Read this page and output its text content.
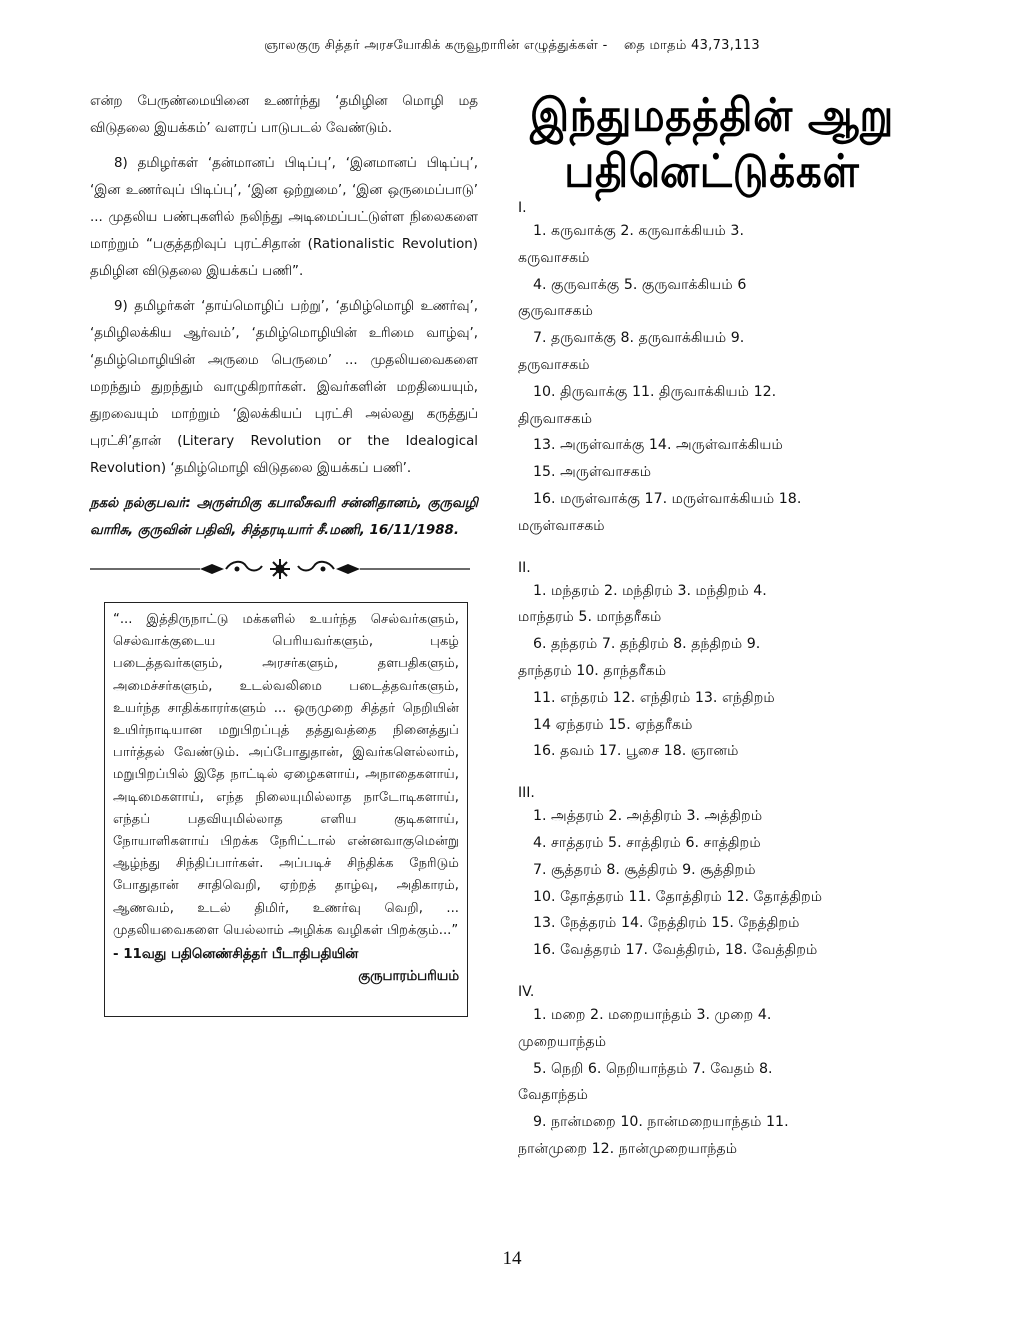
ஞாலகுரு சித்தர் அரசயோகிக் கருவூறாரின் எழுத்துக்கள் - தை மாதம் 43,73,113

என்ற பேருண்மையினை உணர்ந்து ‘தமிழின மொழி மத விடுதலை இயக்கம்’ வளரப் பாடுபடல் வேண்டும்.

8) தமிழர்கள் ‘தன்மானப் பிடிப்பு’, ‘இனமானப் பிடிப்பு’, ‘இன உணர்வுப் பிடிப்பு’, ‘இன ஒற்றுமை’, ‘இன ஒருமைப்பாடு’ ... முதலிய பண்புகளில் நலிந்து அடிமைப்பட்டுள்ள நிலைகளை மாற்றும் “பகுத்தறிவுப் புரட்சிதான் (Rationalistic Revolution) தமிழின விடுதலை இயக்கப் பணி”.

9) தமிழர்கள் ‘தாய்மொழிப் பற்று’, ‘தமிழ்மொழி உணர்வு’, ‘தமிழிலக்கிய ஆர்வம்’, ‘தமிழ்மொழியின் உரிமை வாழ்வு’, ‘தமிழ்மொழியின் அருமை பெருமை’ ... முதலியவைகளை மறந்தும் துறந்தும் வாழுகிறார்கள். இவர்களின் மறதியையும், துறவையும் மாற்றும் ‘இலக்கியப் புரட்சி அல்லது கருத்துப் புரட்சி’தான் (Literary Revolution or the Idealogical Revolution) ‘தமிழ்மொழி விடுதலை இயக்கப் பணி’.

நகல் நல்குபவர்: அருள்மிகு கபாலீசுவரி சன்னிதானம், குருவழி வாரிசு, குருவின் பதிவி, சித்தரடியார் சீ.மணி, 16/11/1988.

“... இத்திருநாட்டு மக்களில் உயர்ந்த செல்வர்களும், செல்வாக்குடைய பெரியவர்களும், புகழ் படைத்தவர்களும், அரசர்களும், தளபதிகளும், அமைச்சர்களும், உடல்வலிமை படைத்தவர்களும், உயர்ந்த சாதிக்காரர்களும் ... ஒருமுறை சித்தர் நெறியின் உயிர்நாடியான மறுபிறப்புத் தத்துவத்தை நினைத்துப் பார்த்தல் வேண்டும். அப்போதுதான், இவர்களெல்லாம், மறுபிறப்பில் இதே நாட்டில் ஏழைகளாய், அநாதைகளாய், அடிமைகளாய், எந்த நிலையுமில்லாத நாடோடிகளாய், எந்தப் பதவியுமில்லாத எளிய குடிகளாய், நோயாளிகளாய் பிறக்க நேரிட்டால் என்னவாகுமென்று ஆழ்ந்து சிந்திப்பார்கள். அப்படிச் சிந்திக்க நேரிடும் போதுதான் சாதிவெறி, ஏற்றத் தாழ்வு, அதிகாரம், ஆணவம், உடல் திமிர், உணர்வு வெறி, ... முதலியவைகளை யெல்லாம் அழிக்க வழிகள் பிறக்கும்...”

- 11வது பதினெண்சித்தர் பீடாதிபதியின்
குருபாரம்பரியம்
இந்துமதத்தின் ஆறு
பதினெட்டுக்கள்
I.

1. கருவாக்கு 2. கருவாக்கியம் 3.

கருவாசகம்

4. குருவாக்கு 5. குருவாக்கியம் 6

குருவாசகம்

7. தருவாக்கு 8. தருவாக்கியம் 9.

தருவாசகம்

10. திருவாக்கு 11. திருவாக்கியம் 12.

திருவாசகம்

13. அருள்வாக்கு 14. அருள்வாக்கியம்

15. அருள்வாசகம்

16. மருள்வாக்கு 17. மருள்வாக்கியம் 18.

மருள்வாசகம்

II.

1. மந்தரம் 2. மந்திரம் 3. மந்திறம் 4.

மாந்தரம் 5. மாந்தரீகம்

6. தந்தரம் 7. தந்திரம் 8. தந்திறம் 9.

தாந்தரம் 10. தாந்தரீகம்

11. எந்தரம் 12. எந்திரம் 13. எந்திறம்

14 ஏந்தரம் 15. ஏந்தரீகம்

16. தவம் 17. பூசை 18. ஞானம்

III.

1. அத்தரம் 2. அத்திரம் 3. அத்திறம்

4. சாத்தரம் 5. சாத்திரம் 6. சாத்திறம்

7. சூத்தரம் 8. சூத்திரம் 9. சூத்திறம்

10. தோத்தரம் 11. தோத்திரம் 12. தோத்திறம்

13. நேத்தரம் 14. நேத்திரம் 15. நேத்திறம்

16. வேத்தரம் 17. வேத்திரம், 18. வேத்திறம்

IV.

1. மறை 2. மறையாந்தம் 3. முறை 4.

முறையாந்தம்

5. நெறி 6. நெறியாந்தம் 7. வேதம் 8.

வேதாந்தம்

9. நான்மறை 10. நான்மறையாந்தம் 11.

நான்முறை 12. நான்முறையாந்தம்

14
